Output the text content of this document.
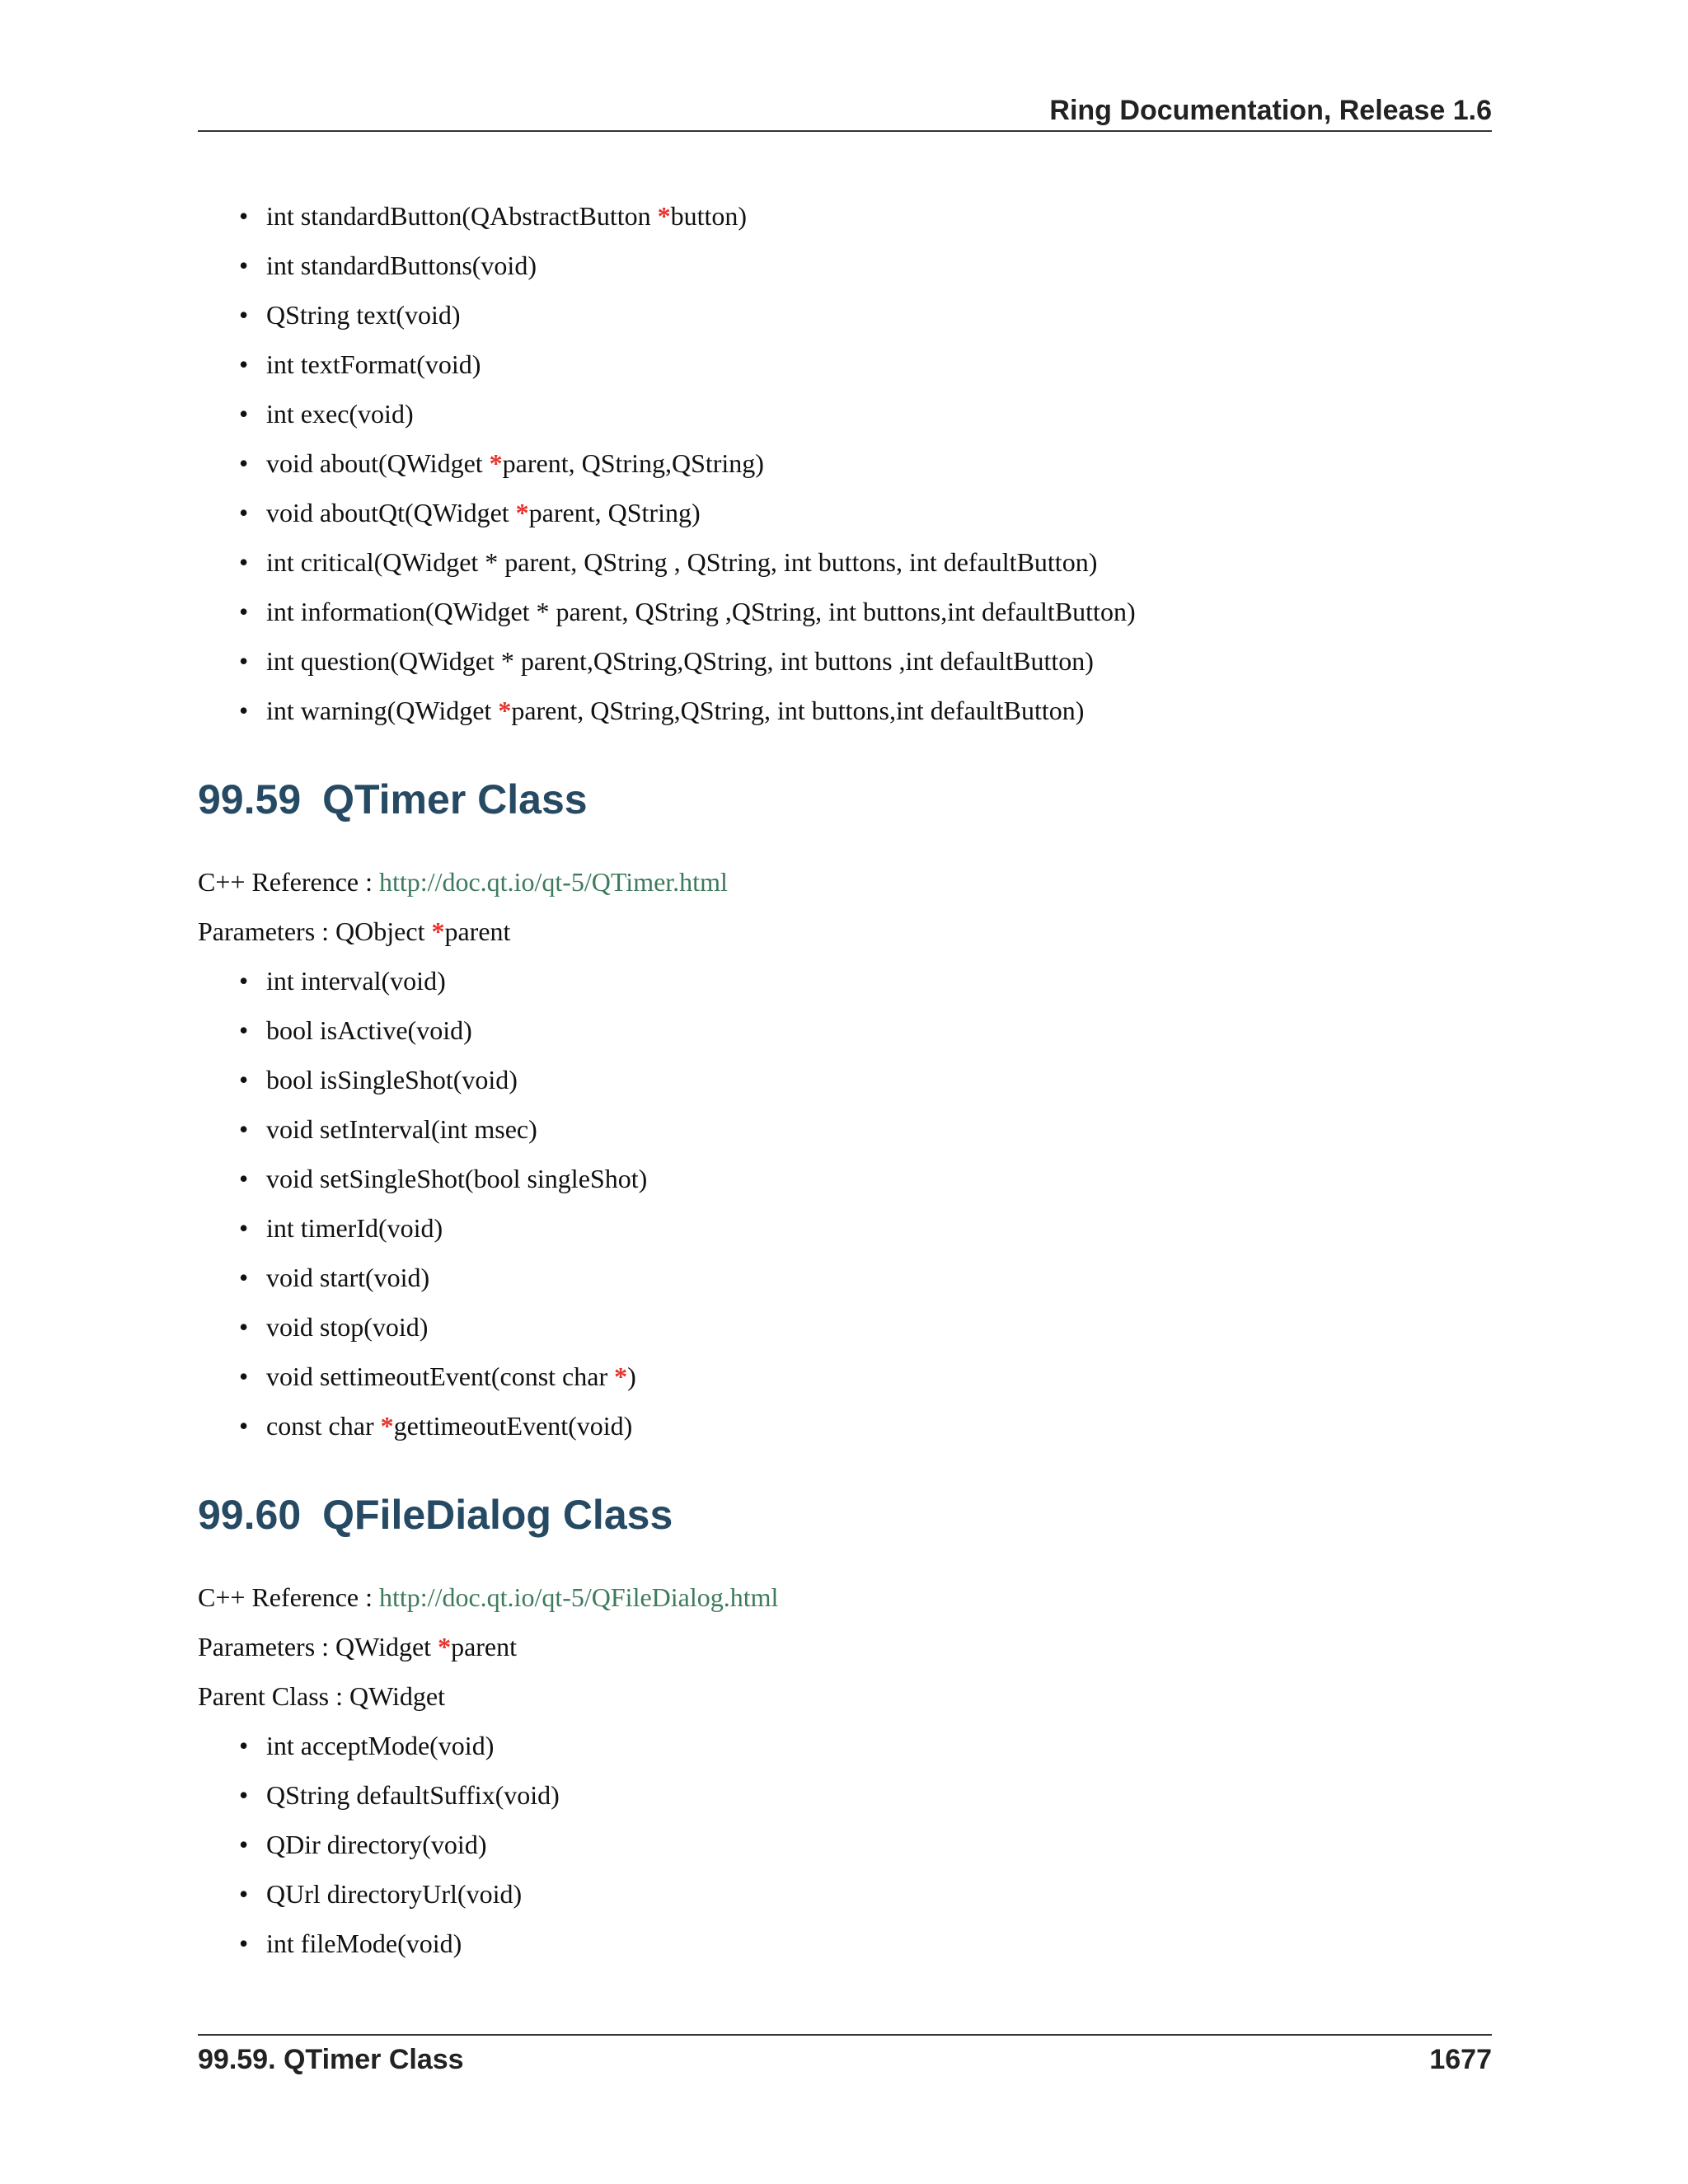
Ring Documentation, Release 1.6
• int standardButton(QAbstractButton *button)
• int standardButtons(void)
• QString text(void)
• int textFormat(void)
• int exec(void)
• void about(QWidget *parent, QString,QString)
• void aboutQt(QWidget *parent, QString)
• int critical(QWidget * parent, QString , QString, int buttons, int defaultButton)
• int information(QWidget * parent, QString ,QString, int buttons,int defaultButton)
• int question(QWidget * parent,QString,QString, int buttons ,int defaultButton)
• int warning(QWidget *parent, QString,QString, int buttons,int defaultButton)
99.59 QTimer Class

C++ Reference : http://doc.qt.io/qt-5/QTimer.html

Parameters : QObject *parent

• int interval(void)
• bool isActive(void)
• bool isSingleShot(void)
• void setInterval(int msec)
• void setSingleShot(bool singleShot)
• int timerId(void)
• void start(void)
• void stop(void)
• void settimeoutEvent(const char *)
• const char *gettimeoutEvent(void)
99.60 QFileDialog Class

C++ Reference : http://doc.qt.io/qt-5/QFileDialog.html

Parameters : QWidget *parent

Parent Class : QWidget

• int acceptMode(void)
• QString defaultSuffix(void)
• QDir directory(void)
• QUrl directoryUrl(void)
• int fileMode(void)
99.59. QTimer Class	1677
